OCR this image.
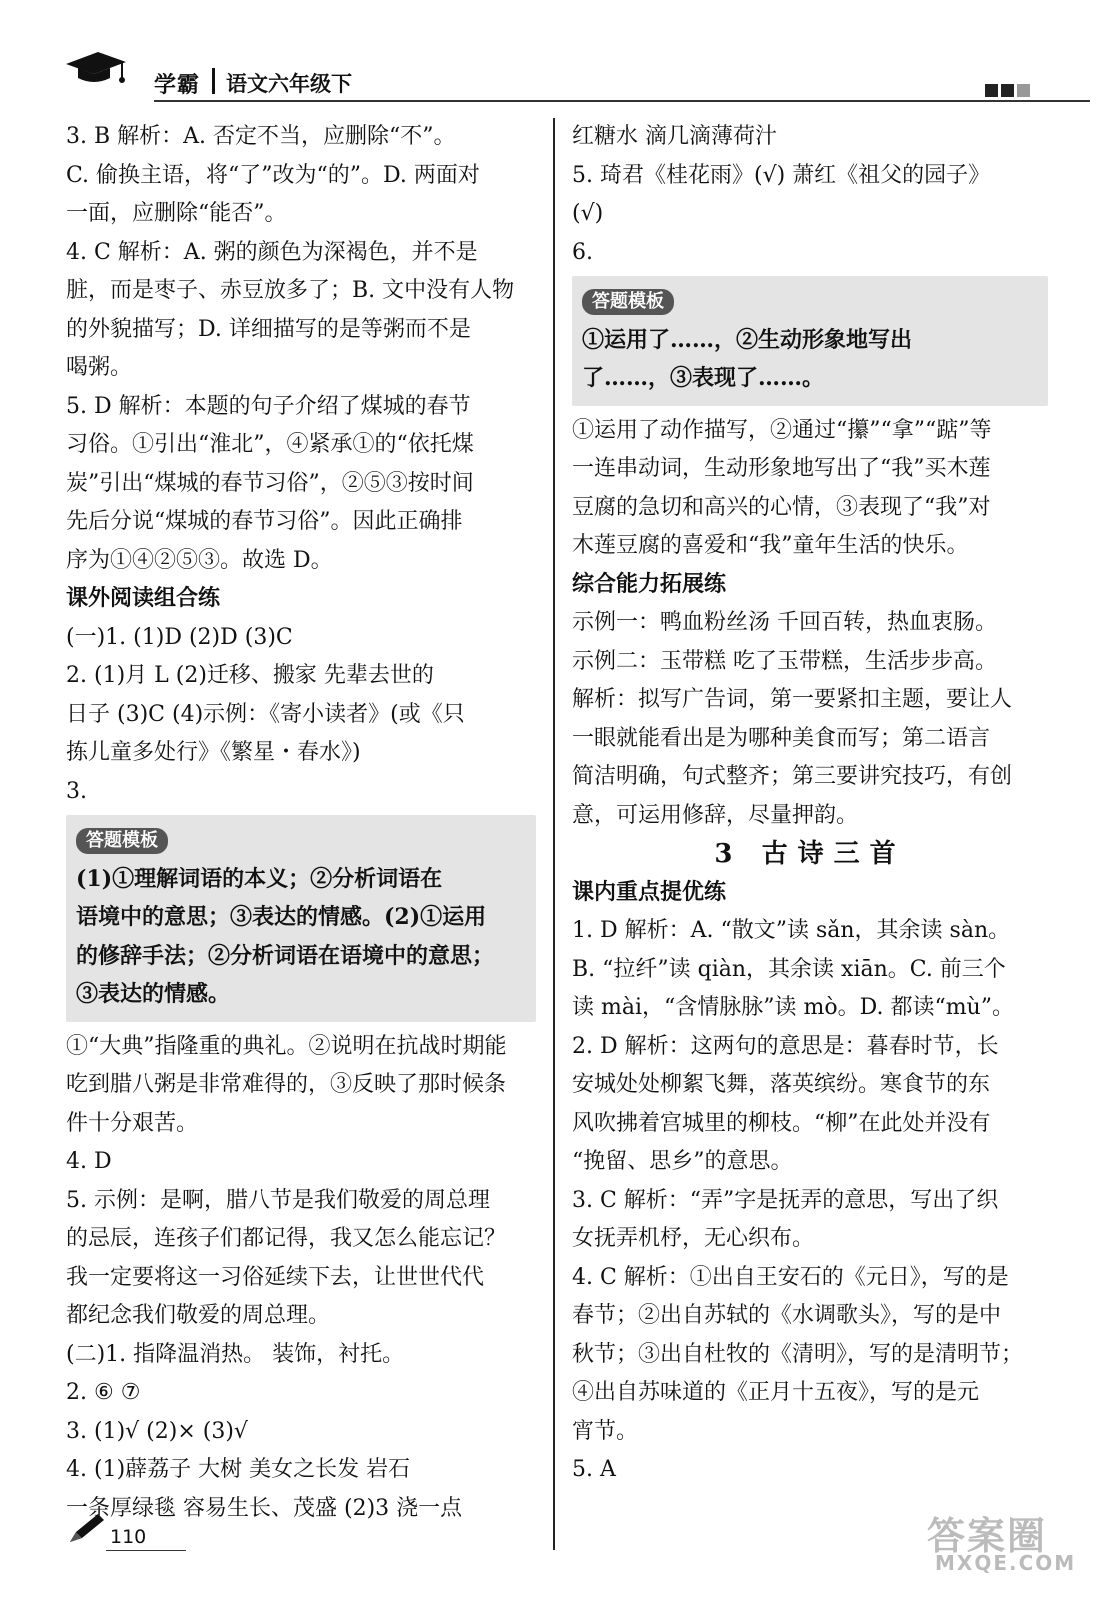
学霸 语文六年级下
3. B 解析：A. 否定不当，应删除“不”。
C. 偷换主语，将“了”改为“的”。D. 两面对
一面，应删除“能否”。
4. C 解析：A. 粥的颜色为深褐色，并不是
脏，而是枣子、赤豆放多了；B. 文中没有人物
的外貌描写；D. 详细描写的是等粥而不是
喝粥。
5. D 解析：本题的句子介绍了煤城的春节
习俗。①引出“淮北”，④紧承①的“依托煤
炭”引出“煤城的春节习俗”，②⑤③按时间
先后分说“煤城的春节习俗”。因此正确排
序为①④②⑤③。故选 D。
课外阅读组合练
(一)1. (1)D (2)D (3)C
2. (1)月 L (2)迁移、搬家 先辈去世的
日子 (3)C (4)示例：《寄小读者》(或《只
拣儿童多处行》《繁星・春水》)
3.
答题模板
(1)①理解词语的本义；②分析词语在
语境中的意思；③表达的情感。(2)①运用
的修辞手法；②分析词语在语境中的意思；
③表达的情感。
①“大典”指隆重的典礼。②说明在抗战时期能
吃到腊八粥是非常难得的，③反映了那时候条
件十分艰苦。
4. D
5. 示例：是啊，腊八节是我们敬爱的周总理
的忌辰，连孩子们都记得，我又怎么能忘记？
我一定要将这一习俗延续下去，让世世代代
都纪念我们敬爱的周总理。
(二)1. 指降温消热。 装饰，衬托。
2. ⑥ ⑦
3. (1)√ (2)× (3)√
4. (1)薜荔子 大树 美女之长发 岩石
一条厚绿毯 容易生长、茂盛 (2)3 浇一点
红糖水 滴几滴薄荷汁
5. 琦君《桂花雨》(√) 萧红《祖父的园子》
(√)
6.
答题模板
①运用了……，②生动形象地写出
了……，③表现了……。
①运用了动作描写，②通过“攥”“拿”“踮”等
一连串动词，生动形象地写出了“我”买木莲
豆腐的急切和高兴的心情，③表现了“我”对
木莲豆腐的喜爱和“我”童年生活的快乐。
综合能力拓展练
示例一：鸭血粉丝汤 千回百转，热血衷肠。
示例二：玉带糕 吃了玉带糕，生活步步高。
解析：拟写广告词，第一要紧扣主题，要让人
一眼就能看出是为哪种美食而写；第二语言
简洁明确，句式整齐；第三要讲究技巧，有创
意，可运用修辞，尽量押韵。
3 古诗三首
课内重点提优练
1. D 解析：A. “散文”读 sǎn，其余读 sàn。
B. “拉纤”读 qiàn，其余读 xiān。C. 前三个
读 mài，“含情脉脉”读 mò。D. 都读“mù”。
2. D 解析：这两句的意思是：暮春时节，长
安城处处柳絮飞舞，落英缤纷。寒食节的东
风吹拂着宫城里的柳枝。“柳”在此处并没有
“挽留、思乡”的意思。
3. C 解析：“弄”字是抚弄的意思，写出了织
女抚弄机杼，无心织布。
4. C 解析：①出自王安石的《元日》，写的是
春节；②出自苏轼的《水调歌头》，写的是中
秋节；③出自杜牧的《清明》，写的是清明节；
④出自苏味道的《正月十五夜》，写的是元
宵节。
5. A
110	答案圈
MXQE.COM
